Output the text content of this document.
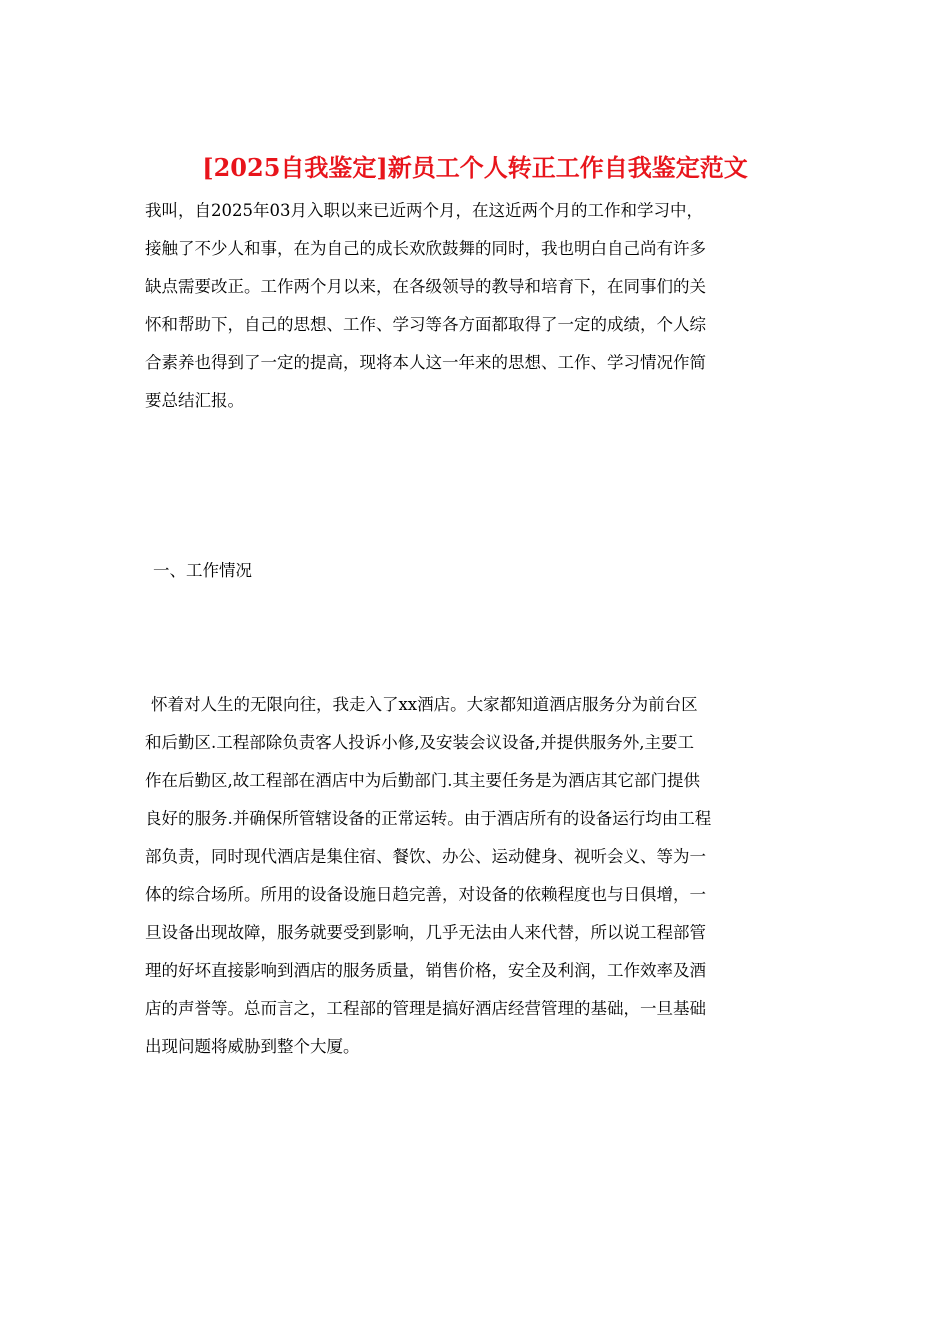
[2025自我鉴定]新员工个人转正工作自我鉴定范文
我叫，自2025年03月入职以来已近两个月，在这近两个月的工作和学习中，
接触了不少人和事，在为自己的成长欢欣鼓舞的同时，我也明白自己尚有许多
缺点需要改正。工作两个月以来，在各级领导的教导和培育下，在同事们的关
怀和帮助下，自己的思想、工作、学习等各方面都取得了一定的成绩，个人综
合素养也得到了一定的提高，现将本人这一年来的思想、工作、学习情况作简
要总结汇报。
一、工作情况
怀着对人生的无限向往，我走入了xx酒店。大家都知道酒店服务分为前台区
和后勤区.工程部除负责客人投诉小修,及安装会议设备,并提供服务外,主要工
作在后勤区,故工程部在酒店中为后勤部门.其主要任务是为酒店其它部门提供
良好的服务.并确保所管辖设备的正常运转。由于酒店所有的设备运行均由工程
部负责，同时现代酒店是集住宿、餐饮、办公、运动健身、视听会义、等为一
体的综合场所。所用的设备设施日趋完善，对设备的依赖程度也与日俱增，一
旦设备出现故障，服务就要受到影响，几乎无法由人来代替，所以说工程部管
理的好坏直接影响到酒店的服务质量，销售价格，安全及利润，工作效率及酒
店的声誉等。总而言之，工程部的管理是搞好酒店经营管理的基础，一旦基础
出现问题将威胁到整个大厦。
